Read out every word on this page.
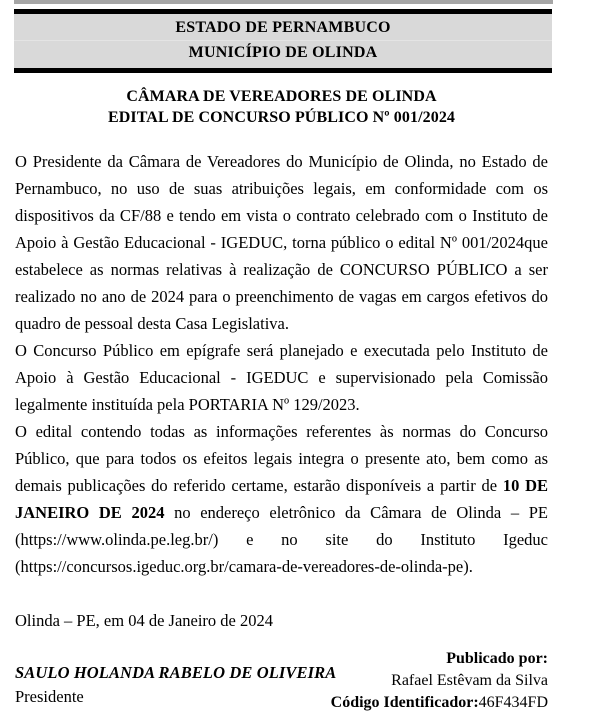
ESTADO DE PERNAMBUCO
MUNICÍPIO DE OLINDA
CÂMARA DE VEREADORES DE OLINDA
EDITAL DE CONCURSO PÚBLICO Nº 001/2024

O Presidente da Câmara de Vereadores do Município de Olinda, no Estado de Pernambuco, no uso de suas atribuições legais, em conformidade com os dispositivos da CF/88 e tendo em vista o contrato celebrado com o Instituto de Apoio à Gestão Educacional - IGEDUC, torna público o edital Nº 001/2024que estabelece as normas relativas à realização de CONCURSO PÚBLICO a ser realizado no ano de 2024 para o preenchimento de vagas em cargos efetivos do quadro de pessoal desta Casa Legislativa.

O Concurso Público em epígrafe será planejado e executada pelo Instituto de Apoio à Gestão Educacional - IGEDUC e supervisionado pela Comissão legalmente instituída pela PORTARIA Nº 129/2023.

O edital contendo todas as informações referentes às normas do Concurso Público, que para todos os efeitos legais integra o presente ato, bem como as demais publicações do referido certame, estarão disponíveis a partir de 10 DE JANEIRO DE 2024 no endereço eletrônico da Câmara de Olinda – PE (https://www.olinda.pe.leg.br/) e no site do Instituto Igeduc (https://concursos.igeduc.org.br/camara-de-vereadores-de-olinda-pe).

Olinda – PE, em 04 de Janeiro de 2024

SAULO HOLANDA RABELO DE OLIVEIRA

Presidente

Publicado por:

Rafael Estêvam da Silva

Código Identificador:46F434FD
